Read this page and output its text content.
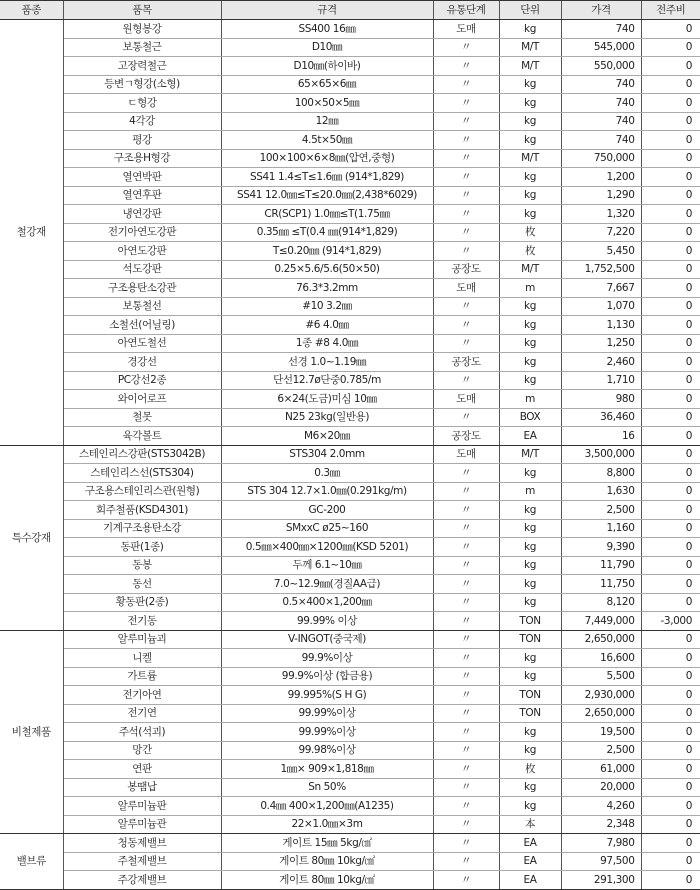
품종	품목	규격	유통단계	단위	가격	전주비
철강재	원형봉강	SS400 16㎜	도매	kg	740	0
	보통철근	D10㎜	〃	M/T	545,000	0
	고장력철근	D10㎜(하이바)	〃	M/T	550,000	0
	등변ㄱ형강(소형)	65×65×6㎜	〃	kg	740	0
	ㄷ형강	100×50×5㎜	〃	kg	740	0
	4각강	12㎜	〃	kg	740	0
	평강	4.5t×50㎜	〃	kg	740	0
	구조용H형강	100×100×6×8㎜(압연,중형)	〃	M/T	750,000	0
	열연박판	SS41 1.4≤T≤1.6㎜ (914*1,829)	〃	kg	1,200	0
	열연후판	SS41 12.0㎜≤T≤20.0㎜(2,438*6029)	〃	kg	1,290	0
	냉연강판	CR(SCP1) 1.0㎜≤T(1.75㎜	〃	kg	1,320	0
	전기아연도강판	0.35㎜ ≤T(0.4 ㎜(914*1,829)	〃	枚	7,220	0
	아연도강판	T≤0.20㎜ (914*1,829)	〃	枚	5,450	0
	석도강판	0.25×5.6/5.6(50×50)	공장도	M/T	1,752,500	0
	구조용탄소강관	76.3*3.2mm	도매	m	7,667	0
	보통철선	#10 3.2㎜	〃	kg	1,070	0
	소철선(어닐링)	#6 4.0㎜	〃	kg	1,130	0
	아연도철선	1종 #8 4.0㎜	〃	kg	1,250	0
	경강선	선경 1.0~1.19㎜	공장도	kg	2,460	0
	PC강선2종	단선12.7ø단중0.785/m	〃	kg	1,710	0
	와이어로프	6×24(도금)미심 10㎜	도매	m	980	0
	철못	N25 23kg(일반용)	〃	BOX	36,460	0
	육각볼트	M6×20㎜	공장도	EA	16	0
특수강재	스테인리스강판(STS3042B)	STS304 2.0mm	도매	M/T	3,500,000	0
	스테인리스선(STS304)	0.3㎜	〃	kg	8,800	0
	구조용스테인리스관(원형)	STS 304 12.7×1.0㎜(0.291kg/m)	〃	m	1,630	0
	회주철품(KSD4301)	GC-200	〃	kg	2,500	0
	기계구조용탄소강	SMxxC ø25~160	〃	kg	1,160	0
	동판(1종)	0.5㎜×400㎜×1200㎜(KSD 5201)	〃	kg	9,390	0
	동봉	두께 6.1~10㎜	〃	kg	11,790	0
	동선	7.0~12.9㎜(경질AA급)	〃	kg	11,750	0
	황동판(2종)	0.5×400×1,200㎜	〃	kg	8,120	0
	전기동	99.99% 이상	〃	TON	7,449,000	-3,000
비철제품	알루미늄괴	V-INGOT(중국제)	〃	TON	2,650,000	0
	니켈	99.9%이상	〃	kg	16,600	0
	가트륨	99.9%이상 (합금용)	〃	kg	5,500	0
	전기아연	99.995%(S H G)	〃	TON	2,930,000	0
	전기연	99.99%이상	〃	TON	2,650,000	0
	주석(석괴)	99.99%이상	〃	kg	19,500	0
	망간	99.98%이상	〃	kg	2,500	0
	연판	1㎜× 909×1,818㎜	〃	枚	61,000	0
	봉땜납	Sn 50%	〃	kg	20,000	0
	알루미늄판	0.4㎜ 400×1,200㎜(A1235)	〃	kg	4,260	0
	알루미늄관	22×1.0㎜×3m	〃	本	2,348	0
밸브류	청동제밸브	게이트 15㎜ 5kg/㎠	〃	EA	7,980	0
	주철제밸브	게이트 80㎜ 10kg/㎠	〃	EA	97,500	0
	주강제밸브	게이트 80㎜ 10kg/㎠	〃	EA	291,300	0
